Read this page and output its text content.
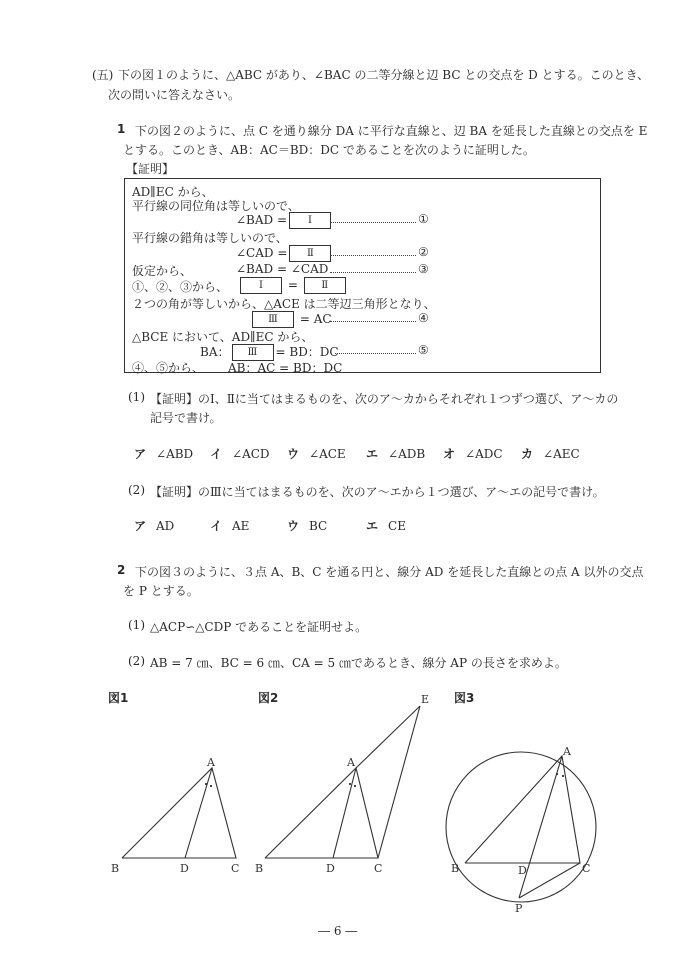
(五) 下の図１のように、△ABC があり、∠BAC の二等分線と辺 BC との交点を D とする。このとき、
次の問いに答えなさい。
1 下の図２のように、点 C を通り線分 DA に平行な直線と、辺 BA を延長した直線との交点を E
とする。このとき、AB：AC＝BD：DC であることを次のように証明した。
【証明】
AD∥EC から、
平行線の同位角は等しいので、
∠BAD = Ⅰ	①
平行線の錯角は等しいので、
∠CAD = Ⅱ	②
仮定から、	∠BAD = ∠CAD	③
①、②、③から、	Ⅰ = Ⅱ
２つの角が等しいから、△ACE は二等辺三角形となり、
Ⅲ = AC	④
△BCE において、AD∥EC から、
BA： Ⅲ = BD：DC	⑤
④、⑤から、 AB：AC = BD：DC
(1) 【証明】のⅠ、Ⅱに当てはまるものを、次のア～カからそれぞれ１つずつ選び、ア～カの
記号で書け。
ア ∠ABD イ ∠ACD ウ ∠ACE エ ∠ADB オ ∠ADC カ ∠AEC
(2) 【証明】のⅢに当てはまるものを、次のア～エから１つ選び、ア～エの記号で書け。
ア AD	イ AE	ウ BC	エ CE
2 下の図３のように、３点 A、B、C を通る円と、線分 AD を延長した直線との点 A 以外の交点
を P とする。
(1) △ACP∽△CDP であることを証明せよ。
(2) AB = 7 ㎝、BC = 6 ㎝、CA = 5 ㎝であるとき、線分 AP の長さを求めよ。
図1	図2	図3
A
B	D	C
E
A
B	D	C
A
B	D	C
P
― 6 ―
